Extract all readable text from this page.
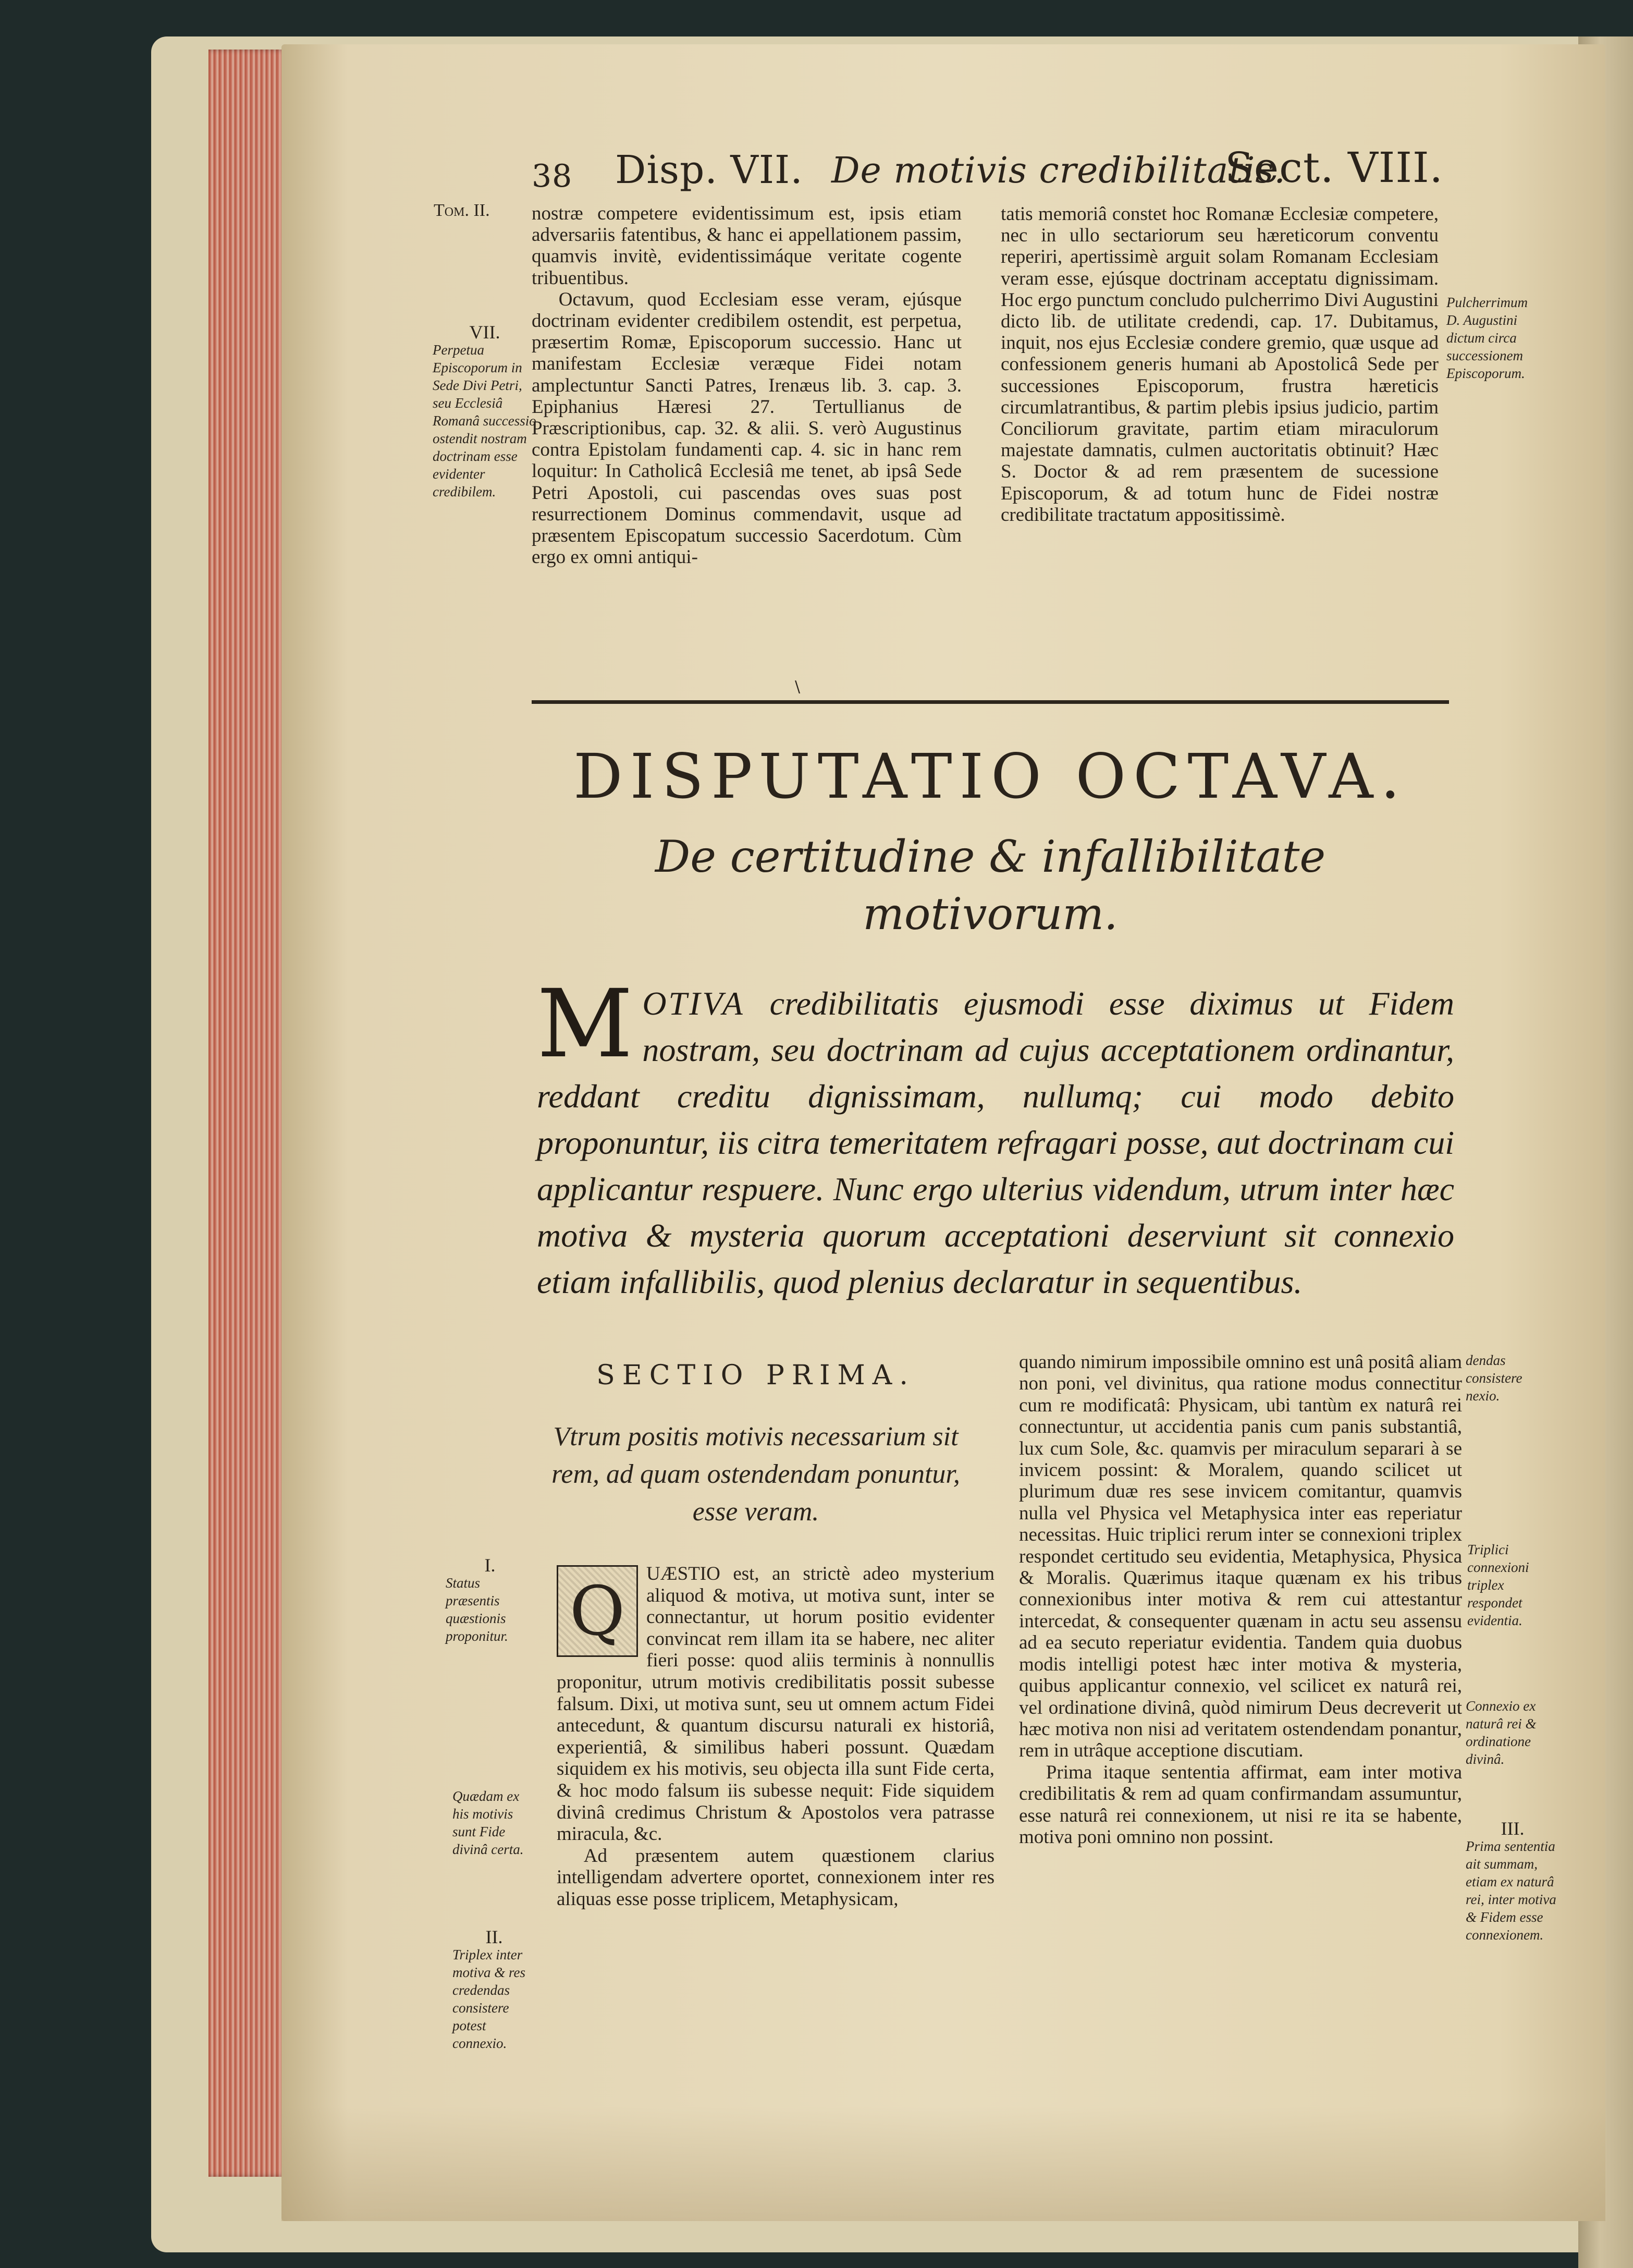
Tom. II.
38 Disp. VII. De motivis credibilitatis.
Sect. VIII.
VII.
Perpetua Episcoporum in Sede Divi Petri, seu Ecclesiâ Romanâ successio ostendit nostram doctrinam esse evidenter credibilem.

nostræ competere evidentissimum est, ipsis etiam adversariis fatentibus, & hanc ei appellationem passim, quamvis invitè, evidentissimáque veritate cogente tribuentibus.

Octavum, quod Ecclesiam esse veram, ejúsque doctrinam evidenter credibilem ostendit, est perpetua, præsertim Romæ, Episcoporum successio. Hanc ut manifestam Ecclesiæ veræque Fidei notam amplectuntur Sancti Patres, Irenæus lib. 3. cap. 3. Epiphanius Hæresi 27. Tertullianus de Præscriptionibus, cap. 32. & alii. S. verò Augustinus contra Epistolam fundamenti cap. 4. sic in hanc rem loquitur: In Catholicâ Ecclesiâ me tenet, ab ipsâ Sede Petri Apostoli, cui pascendas oves suas post resurrectionem Dominus commendavit, usque ad præsentem Episcopatum successio Sacerdotum. Cùm ergo ex omni antiqui-

tatis memoriâ constet hoc Romanæ Ecclesiæ competere, nec in ullo sectariorum seu hæreticorum conventu reperiri, apertissimè arguit solam Romanam Ecclesiam veram esse, ejúsque doctrinam acceptatu dignissimam. Hoc ergo punctum concludo pulcherrimo Divi Augustini dicto lib. de utilitate credendi, cap. 17. Dubitamus, inquit, nos ejus Ecclesiæ condere gremio, quæ usque ad confessionem generis humani ab Apostolicâ Sede per successiones Episcoporum, frustra hæreticis circumlatrantibus, & partim plebis ipsius judicio, partim Conciliorum gravitate, partim etiam miraculorum majestate damnatis, culmen auctoritatis obtinuit? Hæc S. Doctor & ad rem præsentem de sucessione Episcoporum, & ad totum hunc de Fidei nostræ credibilitate tractatum appositissimè.

Pulcherrimum D. Augustini dictum circa successionem Episcoporum.
\
DISPUTATIO OCTAVA.
De certitudine & infallibilitate
motivorum.
MOTIVA credibilitatis ejusmodi esse diximus ut Fidem nostram, seu doctrinam ad cujus acceptationem ordinantur, reddant creditu dignissimam, nullumq; cui modo debito proponuntur, iis citra temeritatem refragari posse, aut doctrinam cui applicantur respuere. Nunc ergo ulterius videndum, utrum inter hæc motiva & mysteria quorum acceptationi deserviunt sit connexio etiam infallibilis, quod plenius declaratur in sequentibus.
SECTIO PRIMA.
Vtrum positis motivis necessarium sit rem, ad quam ostendendam ponuntur, esse veram.
I.
Status præsentis quæstionis proponitur.
Quædam ex his motivis sunt Fide divinâ certa.
II.
Triplex inter motiva & res credendas consistere potest connexio.

Q	UÆSTIO est, an strictè adeo mysterium aliquod & motiva, ut motiva sunt, inter se connectantur, ut horum positio evidenter convincat rem illam ita se habere, nec aliter fieri posse: quod aliis terminis à nonnullis proponitur, utrum motivis credibilitatis possit subesse falsum. Dixi, ut motiva sunt, seu ut omnem actum Fidei antecedunt, & quantum discursu naturali ex historiâ, experientiâ, & similibus haberi possunt. Quædam siquidem ex his motivis, seu objecta illa sunt Fide certa, & hoc modo falsum iis subesse nequit: Fide siquidem divinâ credimus Christum & Apostolos vera patrasse miracula, &c.

Ad præsentem autem quæstionem clarius intelligendam advertere oportet, connexionem inter res aliquas esse posse triplicem, Metaphysicam,

quando nimirum impossibile omnino est unâ positâ aliam non poni, vel divinitus, qua ratione modus connectitur cum re modificatâ: Physicam, ubi tantùm ex naturâ rei connectuntur, ut accidentia panis cum panis substantiâ, lux cum Sole, &c. quamvis per miraculum separari à se invicem possint: & Moralem, quando scilicet ut plurimum duæ res sese invicem comitantur, quamvis nulla vel Physica vel Metaphysica inter eas reperiatur necessitas. Huic triplici rerum inter se connexioni triplex respondet certitudo seu evidentia, Metaphysica, Physica & Moralis. Quærimus itaque quænam ex his tribus connexionibus inter motiva & rem cui attestantur intercedat, & consequenter quænam in actu seu assensu ad ea secuto reperiatur evidentia. Tandem quia duobus modis intelligi potest hæc inter motiva & mysteria, quibus applicantur connexio, vel scilicet ex naturâ rei, vel ordinatione divinâ, quòd nimirum Deus decreverit ut hæc motiva non nisi ad veritatem ostendendam ponantur, rem in utrâque acceptione discutiam.

Prima itaque sententia affirmat, eam inter motiva credibilitatis & rem ad quam confirmandam assumuntur, esse naturâ rei connexionem, ut nisi re ita se habente, motiva poni omnino non possint.

dendas consistere nexio.
Triplici connexioni triplex respondet evidentia.
Connexio ex naturâ rei & ordinatione divinâ.
III.
Prima sententia ait summam, etiam ex naturâ rei, inter motiva & Fidem esse connexionem.
